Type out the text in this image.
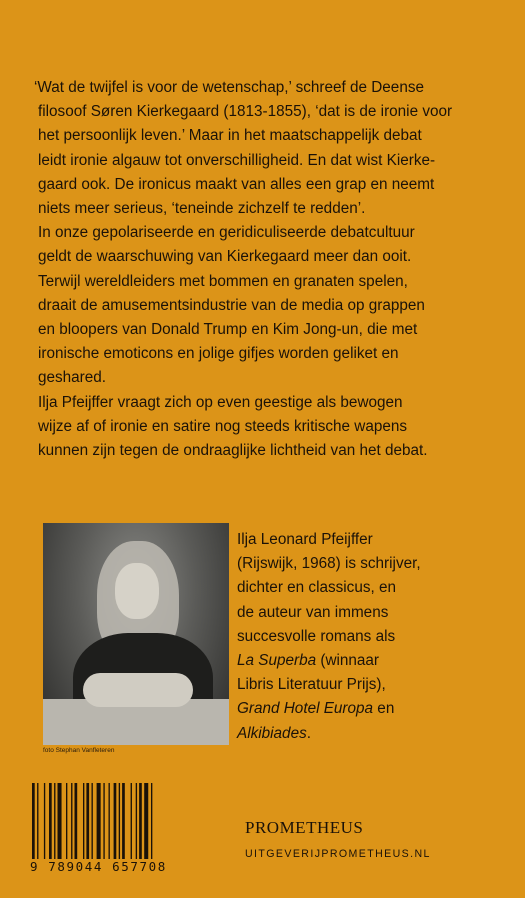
‘Wat de twijfel is voor de wetenschap,’ schreef de Deense
filosoof Søren Kierkegaard (1813-1855), ‘dat is de ironie voor
het persoonlijk leven.’ Maar in het maatschappelijk debat
leidt ironie algauw tot onverschilligheid. En dat wist Kierke-
gaard ook. De ironicus maakt van alles een grap en neemt
niets meer serieus, ‘teneinde zichzelf te redden’.

In onze gepolariseerde en geridiculiseerde debatcultuur
geldt de waarschuwing van Kierkegaard meer dan ooit.
Terwijl wereldleiders met bommen en granaten spelen,
draait de amusementsindustrie van de media op grappen
en bloopers van Donald Trump en Kim Jong-un, die met
ironische emoticons en jolige gifjes worden geliket en
geshared.

Ilja Pfeijffer vraagt zich op even geestige als bewogen
wijze af of ironie en satire nog steeds kritische wapens
kunnen zijn tegen de ondraaglijke lichtheid van het debat.

foto Stephan Vanfleteren

Ilja Leonard Pfeijffer
(Rijswijk, 1968) is schrijver,
dichter en classicus, en
de auteur van immens
succesvolle romans als
La Superba (winnaar
Libris Literatuur Prijs),
Grand Hotel Europa en
Alkibiades.

9 789044 657708
PROMETHEUS
UITGEVERIJPROMETHEUS.NL
